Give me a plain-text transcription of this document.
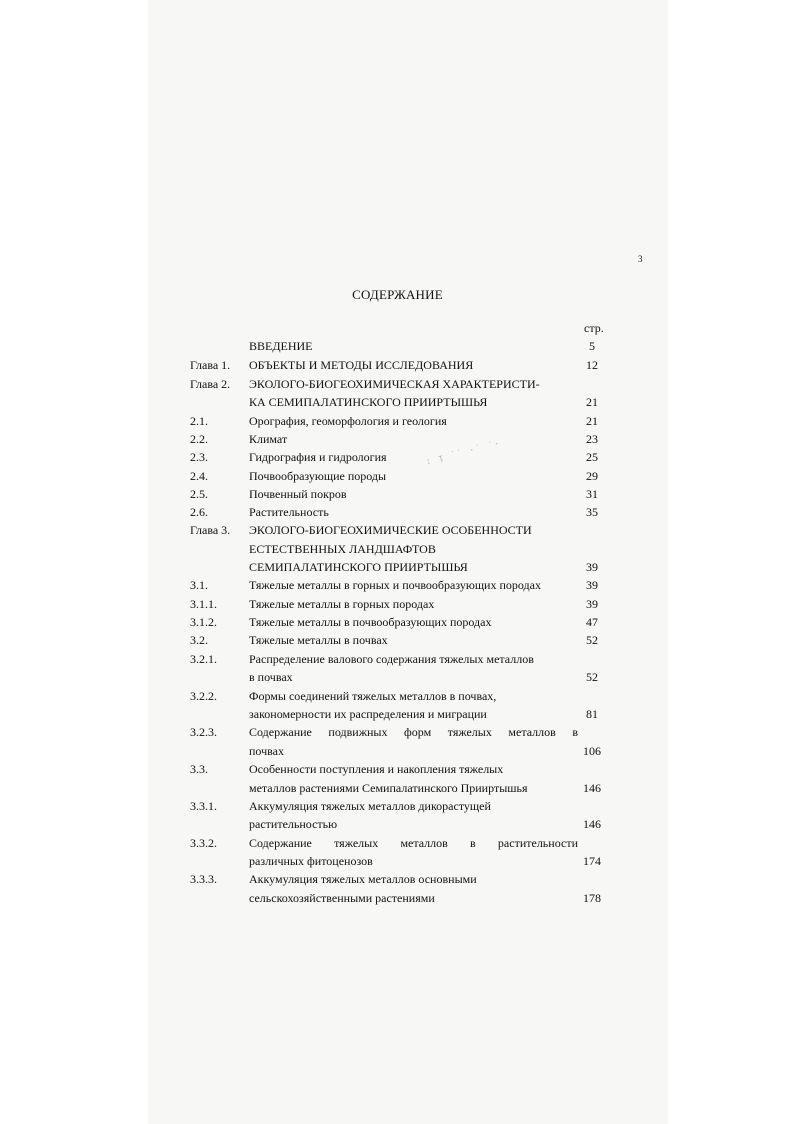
3
СОДЕРЖАНИЕ
стр.
: ᴉ ˙˙ ·˙ ˙·
ВВЕДЕНИЕ	5
Глава 1. ОБЪЕКТЫ И МЕТОДЫ ИССЛЕДОВАНИЯ	12
Глава 2. ЭКОЛОГО-БИОГЕОХИМИЧЕСКАЯ ХАРАКТЕРИСТИ-
КА СЕМИПАЛАТИНСКОГО ПРИИРТЫШЬЯ	21
2.1.	Орография, геоморфология и геология	21
2.2.	Климат	23
2.3.	Гидрография и гидрология	25
2.4.	Почвообразующие породы	29
2.5.	Почвенный покров	31
2.6.	Растительность	35
Глава 3. ЭКОЛОГО-БИОГЕОХИМИЧЕСКИЕ ОСОБЕННОСТИ
ЕСТЕСТВЕННЫХ ЛАНДШАФТОВ
СЕМИПАЛАТИНСКОГО ПРИИРТЫШЬЯ	39
3.1.	Тяжелые металлы в горных и почвообразующих породах	39
3.1.1.	Тяжелые металлы в горных породах	39
3.1.2.	Тяжелые металлы в почвообразующих породах	47
3.2.	Тяжелые металлы в почвах	52
3.2.1.	Распределение валового содержания тяжелых металлов
в почвах	52
3.2.2.	Формы соединений тяжелых металлов в почвах,
закономерности их распределения и миграции	81
3.2.3.	Содержание подвижных форм тяжелых металлов в
почвах	106
3.3.	Особенности поступления и накопления тяжелых
металлов растениями Семипалатинского Прииртышья	146
3.3.1.	Аккумуляция тяжелых металлов дикорастущей
растительностью	146
3.3.2.	Содержание тяжелых металлов в растительности
различных фитоценозов	174
3.3.3.	Аккумуляция тяжелых металлов основными
сельскохозяйственными растениями	178
